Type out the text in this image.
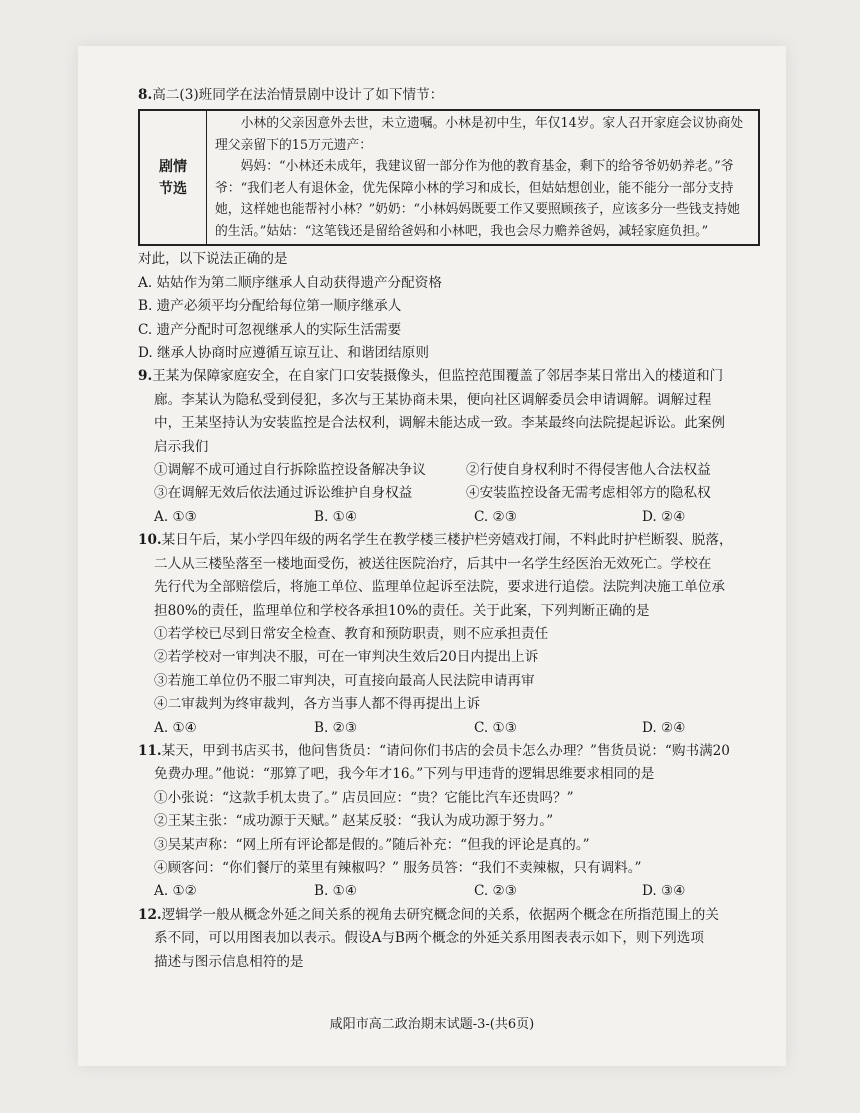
8.高二(3)班同学在法治情景剧中设计了如下情节：
剧情
节选

小林的父亲因意外去世，未立遗嘱。小林是初中生，年仅14岁。家人召开家庭会议协商处理父亲留下的15万元遗产：

妈妈：“小林还未成年，我建议留一部分作为他的教育基金，剩下的给爷爷奶奶养老。”爷爷：“我们老人有退休金，优先保障小林的学习和成长，但姑姑想创业，能不能分一部分支持她，这样她也能帮衬小林？”奶奶：“小林妈妈既要工作又要照顾孩子，应该多分一些钱支持她的生活。”姑姑：“这笔钱还是留给爸妈和小林吧，我也会尽力赡养爸妈，减轻家庭负担。”

对此，以下说法正确的是
A. 姑姑作为第二顺序继承人自动获得遗产分配资格
B. 遗产必须平均分配给每位第一顺序继承人
C. 遗产分配时可忽视继承人的实际生活需要
D. 继承人协商时应遵循互谅互让、和谐团结原则
9.王某为保障家庭安全，在自家门口安装摄像头，但监控范围覆盖了邻居李某日常出入的楼道和门
廊。李某认为隐私受到侵犯，多次与王某协商未果，便向社区调解委员会申请调解。调解过程
中，王某坚持认为安装监控是合法权利，调解未能达成一致。李某最终向法院提起诉讼。此案例
启示我们
①调解不成可通过自行拆除监控设备解决争议	②行使自身权利时不得侵害他人合法权益
③在调解无效后依法通过诉讼维护自身权益	④安装监控设备无需考虑相邻方的隐私权
A. ①③	B. ①④	C. ②③	D. ②④
10.某日午后，某小学四年级的两名学生在教学楼三楼护栏旁嬉戏打闹，不料此时护栏断裂、脱落，
二人从三楼坠落至一楼地面受伤，被送往医院治疗，后其中一名学生经医治无效死亡。学校在
先行代为全部赔偿后，将施工单位、监理单位起诉至法院，要求进行追偿。法院判决施工单位承
担80%的责任，监理单位和学校各承担10%的责任。关于此案，下列判断正确的是
①若学校已尽到日常安全检查、教育和预防职责，则不应承担责任
②若学校对一审判决不服，可在一审判决生效后20日内提出上诉
③若施工单位仍不服二审判决，可直接向最高人民法院申请再审
④二审裁判为终审裁判，各方当事人都不得再提出上诉
A. ①④	B. ②③	C. ①③	D. ②④
11.某天，甲到书店买书，他问售货员：“请问你们书店的会员卡怎么办理？”售货员说：“购书满20
免费办理。”他说：“那算了吧，我今年才16。”下列与甲违背的逻辑思维要求相同的是
①小张说：“这款手机太贵了。” 店员回应：“贵？它能比汽车还贵吗？”
②王某主张：“成功源于天赋。” 赵某反驳：“我认为成功源于努力。”
③吴某声称：“网上所有评论都是假的。”随后补充：“但我的评论是真的。”
④顾客问：“你们餐厅的菜里有辣椒吗？” 服务员答：“我们不卖辣椒，只有调料。”
A. ①②	B. ①④	C. ②③	D. ③④
12.逻辑学一般从概念外延之间关系的视角去研究概念间的关系，依据两个概念在所指范围上的关
系不同，可以用图表加以表示。假设A与B两个概念的外延关系用图表表示如下，则下列选项
描述与图示信息相符的是
咸阳市高二政治期末试题-3-(共6页)
